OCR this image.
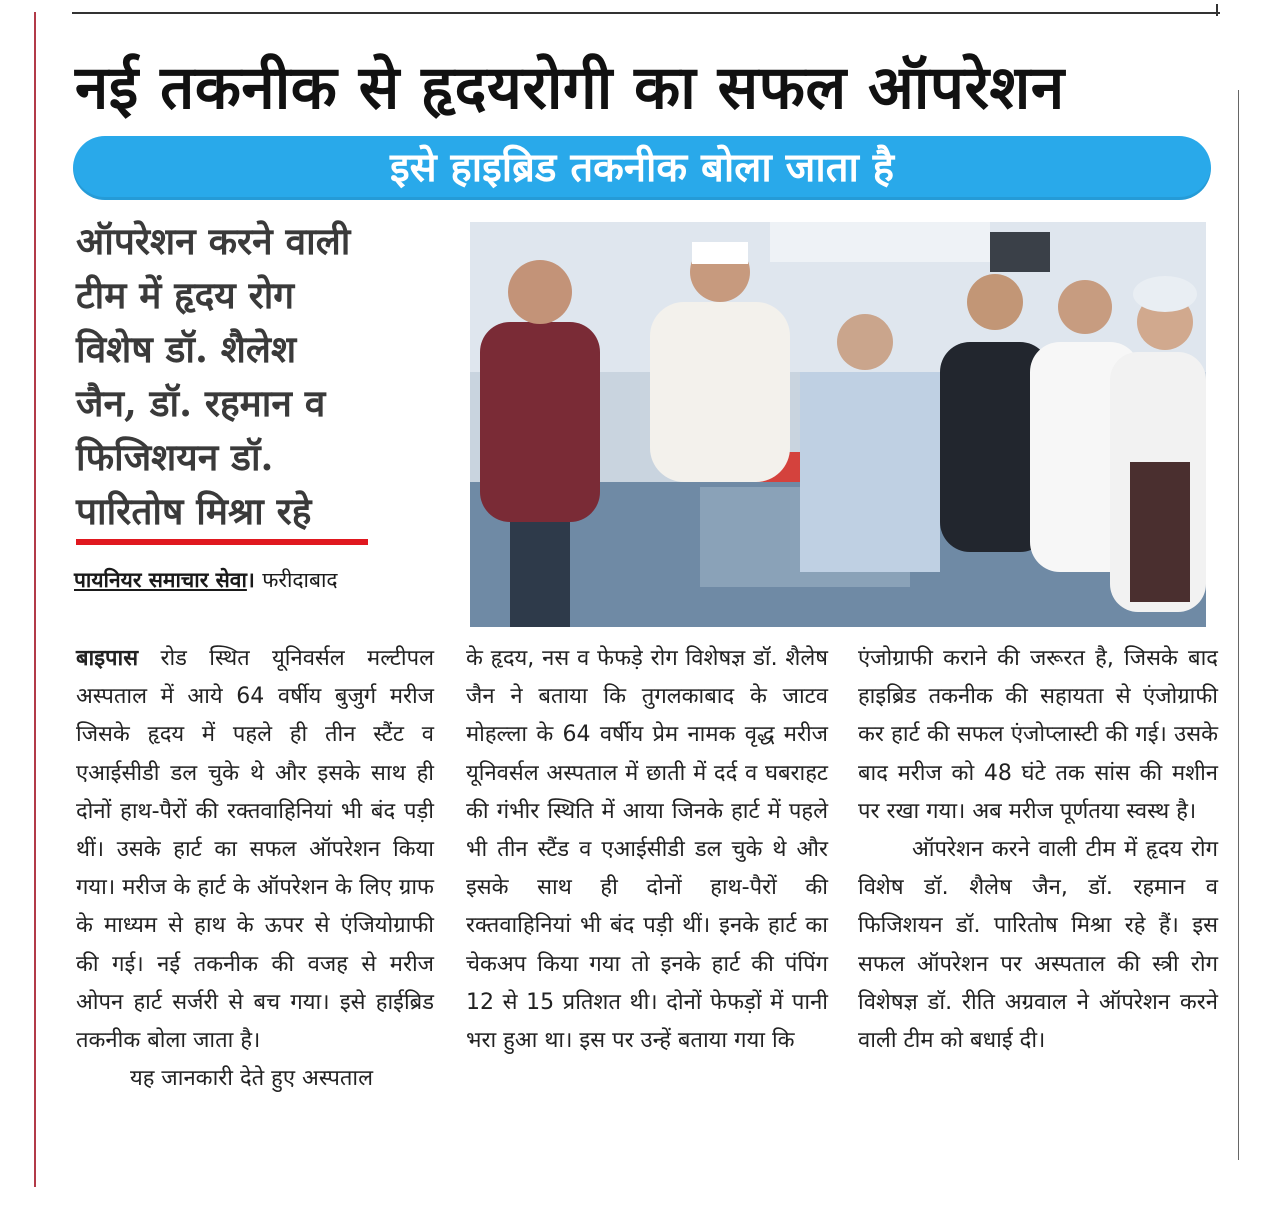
नई तकनीक से हृदयरोगी का सफल ऑपरेशन
इसे हाइब्रिड तकनीक बोला जाता है
ऑपरेशन करने वाली
टीम में हृदय रोग
विशेष डॉ. शैलेश
जैन, डॉ. रहमान व
फिजिशयन डॉ.
पारितोष मिश्रा रहे
पायनियर समाचार सेवा। फरीदाबाद

बाइपास रोड स्थित यूनिवर्सल मल्टीपल अस्पताल में आये 64 वर्षीय बुजुर्ग मरीज जिसके हृदय में पहले ही तीन स्टैंट व एआईसीडी डल चुके थे और इसके साथ ही दोनों हाथ-पैरों की रक्तवाहिनियां भी बंद पड़ी थीं। उसके हार्ट का सफल ऑपरेशन किया गया। मरीज के हार्ट के ऑपरेशन के लिए ग्राफ के माध्यम से हाथ के ऊपर से एंजियोग्राफी की गई। नई तकनीक की वजह से मरीज ओपन हार्ट सर्जरी से बच गया। इसे हाईब्रिड तकनीक बोला जाता है।

यह जानकारी देते हुए अस्पताल

के हृदय, नस व फेफड़े रोग विशेषज्ञ डॉ. शैलेष जैन ने बताया कि तुगलकाबाद के जाटव मोहल्ला के 64 वर्षीय प्रेम नामक वृद्ध मरीज यूनिवर्सल अस्पताल में छाती में दर्द व घबराहट की गंभीर स्थिति में आया जिनके हार्ट में पहले भी तीन स्टैंड व एआईसीडी डल चुके थे और इसके साथ ही दोनों हाथ-पैरों की रक्तवाहिनियां भी बंद पड़ी थीं। इनके हार्ट का चेकअप किया गया तो इनके हार्ट की पंपिंग 12 से 15 प्रतिशत थी। दोनों फेफड़ों में पानी भरा हुआ था। इस पर उन्हें बताया गया कि

एंजोग्राफी कराने की जरूरत है, जिसके बाद हाइब्रिड तकनीक की सहायता से एंजोग्राफी कर हार्ट की सफल एंजोप्लास्टी की गई। उसके बाद मरीज को 48 घंटे तक सांस की मशीन पर रखा गया। अब मरीज पूर्णतया स्वस्थ है।

ऑपरेशन करने वाली टीम में हृदय रोग विशेष डॉ. शैलेष जैन, डॉ. रहमान व फिजिशयन डॉ. पारितोष मिश्रा रहे हैं। इस सफल ऑपरेशन पर अस्पताल की स्त्री रोग विशेषज्ञ डॉ. रीति अग्रवाल ने ऑपरेशन करने वाली टीम को बधाई दी।
